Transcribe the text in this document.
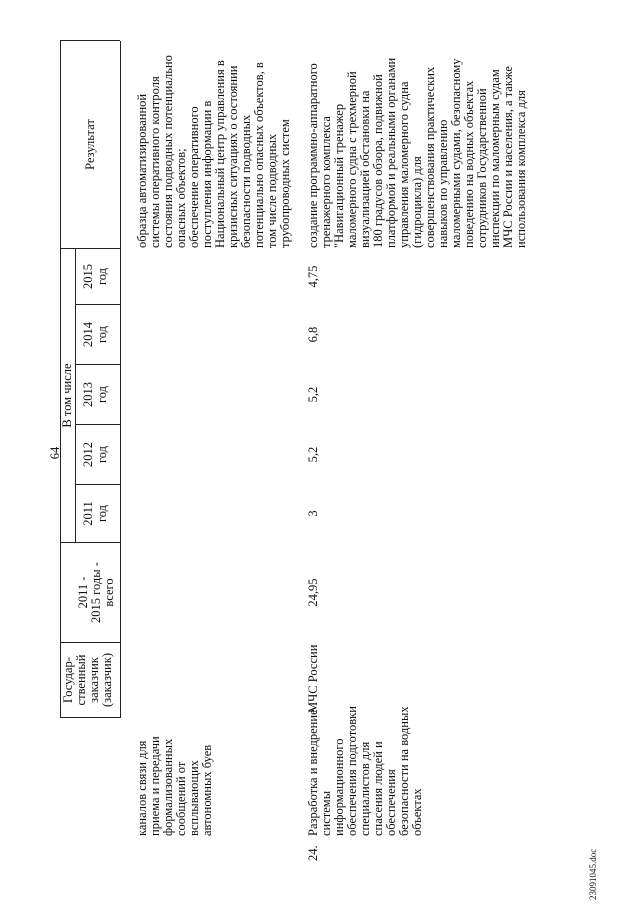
23091045.doc
64
Государ- ственный заказчик (заказчик)
2011 - 2015 годы - всего
В том числе
2011 год
2012 год
2013 год
2014 год
2015 год
Результат
каналов связи для приема и передачи формализованных сообщений от всплывающих автономных буев
образца автоматизированной системы оперативного контроля состояния подводных потенциально опасных объектов; обеспечение оперативного поступления информации в Национальный центр управления в кризисных ситуациях о состоянии безопасности подводных потенциально опасных объектов, в том числе подводных трубопроводных систем
24.
Разработка и внедрение системы информационного обеспечения подготовки специалистов для спасения людей и обеспечения безопасности на водных объектах
МЧС России
24,95
3
5,2
5,2
6,8
4,75
создание программно-аппаратного тренажерного комплекса "Навигационный тренажер маломерного судна с трехмерной визуализацией обстановки на 180 градусов обзора, подвижной платформой и реальными органами управления маломерного судна (гидроцикла) для совершенствования практических навыков по управлению маломерными судами, безопасному поведению на водных объектах сотрудников Государственной инспекции по маломерным судам МЧС России и населения, а также использования комплекса для
